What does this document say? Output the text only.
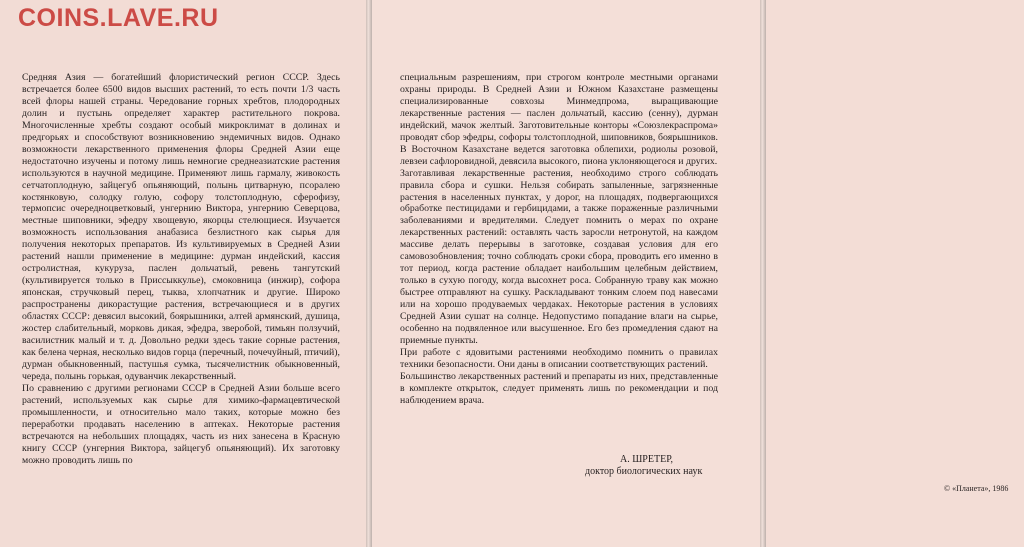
COINS.LAVE.RU

Средняя Азия — богатейший флористический регион СССР. Здесь встречается более 6500 видов высших растений, то есть почти 1/3 часть всей флоры нашей страны. Чередование горных хребтов, плодородных долин и пустынь определяет характер растительного покрова. Многочисленные хребты создают особый микроклимат в долинах и предгорьях и способствуют возникновению эндемичных видов. Однако возможности лекарственного применения флоры Средней Азии еще недостаточно изучены и потому лишь немногие среднеазиатские растения используются в научной медицине. Применяют лишь гармалу, живокость сетчатоплодную, зайцегуб опьяняющий, полынь цитварную, псоралею костянковую, солодку голую, софору толстоплодную, сферофизу, термопсис очередноцветковый, унгернию Виктора, унгернию Северцова, местные шиповники, эфедру хвощевую, якорцы стелющиеся. Изучается возможность использования анабазиса безлистного как сырья для получения некоторых препаратов. Из культивируемых в Средней Азии растений нашли применение в медицине: дурман индейский, кассия остролистная, кукуруза, паслен дольчатый, ревень тангутский (культивируется только в Приссыккулье), смоковница (инжир), софора японская, стручковый перец, тыква, хлопчатник и другие. Широко распространены дикорастущие растения, встречающиеся и в других областях СССР: девясил высокий, боярышники, алтей армянский, душица, жостер слабительный, морковь дикая, эфедра, зверобой, тимьян ползучий, василистник малый и т. д. Довольно редки здесь такие сорные растения, как белена черная, несколько видов горца (перечный, почечуйный, птичий), дурман обыкновенный, пастушья сумка, тысячелистник обыкновенный, череда, полынь горькая, одуванчик лекарственный.

По сравнению с другими регионами СССР в Средней Азии больше всего растений, используемых как сырье для химико-фармацевтической промышленности, и относительно мало таких, которые можно без переработки продавать населению в аптеках. Некоторые растения встречаются на небольших площадях, часть из них занесена в Красную книгу СССР (унгерния Виктора, зайцегуб опьяняющий). Их заготовку можно проводить лишь по

специальным разрешениям, при строгом контроле местными органами охраны природы. В Средней Азии и Южном Казахстане размещены специализированные совхозы Минмедпрома, выращивающие лекарственные растения — паслен дольчатый, кассию (сенну), дурман индейский, мачок желтый. Заготовительные конторы «Союзлекраспрома» проводят сбор эфедры, софоры толстоплодной, шиповников, боярышников. В Восточном Казахстане ведется заготовка облепихи, родиолы розовой, левзеи сафлоровидной, девясила высокого, пиона уклоняющегося и других.

Заготавливая лекарственные растения, необходимо строго соблюдать правила сбора и сушки. Нельзя собирать запыленные, загрязненные растения в населенных пунктах, у дорог, на площадях, подвергающихся обработке пестицидами и гербицидами, а также пораженные различными заболеваниями и вредителями. Следует помнить о мерах по охране лекарственных растений: оставлять часть заросли нетронутой, на каждом массиве делать перерывы в заготовке, создавая условия для его самовозобновления; точно соблюдать сроки сбора, проводить его именно в тот период, когда растение обладает наибольшим целебным действием, только в сухую погоду, когда высохнет роса. Собранную траву как можно быстрее отправляют на сушку. Раскладывают тонким слоем под навесами или на хорошо продуваемых чердаках. Некоторые растения в условиях Средней Азии сушат на солнце. Недопустимо попадание влаги на сырье, особенно на подвяленное или высушенное. Его без промедления сдают на приемные пункты.

При работе с ядовитыми растениями необходимо помнить о правилах техники безопасности. Они даны в описании соответствующих растений.

Большинство лекарственных растений и препараты из них, представленные в комплекте открыток, следует применять лишь по рекомендации и под наблюдением врача.

А. ШРЕТЕР,
доктор биологических наук
© «Планета», 1986
